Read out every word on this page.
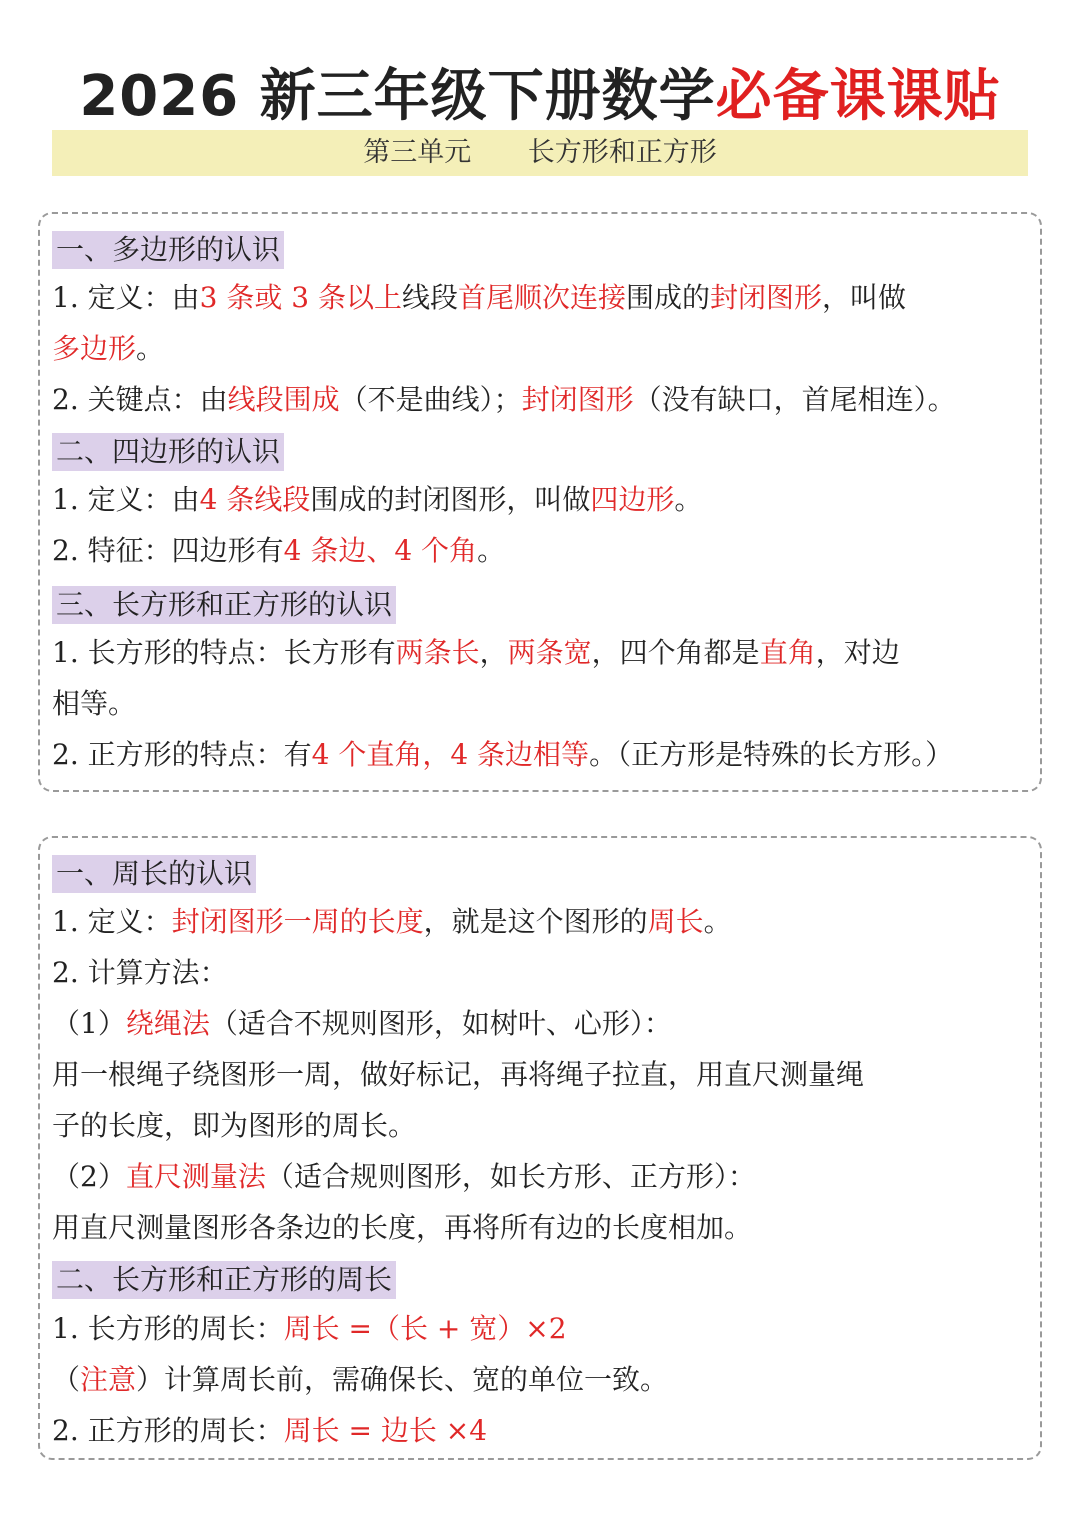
2026 新三年级下册数学必备课课贴
第三单元 长方形和正方形
一、多边形的认识
1. 定义：由3 条或 3 条以上线段首尾顺次连接围成的封闭图形，叫做
多边形。
2. 关键点：由线段围成（不是曲线）；封闭图形（没有缺口，首尾相连）。
二、四边形的认识
1. 定义：由4 条线段围成的封闭图形，叫做四边形。
2. 特征：四边形有4 条边、4 个角。
三、长方形和正方形的认识
1. 长方形的特点：长方形有两条长，两条宽，四个角都是直角，对边
相等。
2. 正方形的特点：有4 个直角，4 条边相等。（正方形是特殊的长方形。）
一、周长的认识
1. 定义：封闭图形一周的长度，就是这个图形的周长。
2. 计算方法：
（1）绕绳法（适合不规则图形，如树叶、心形）：
用一根绳子绕图形一周，做好标记，再将绳子拉直，用直尺测量绳
子的长度，即为图形的周长。
（2）直尺测量法（适合规则图形，如长方形、正方形）：
用直尺测量图形各条边的长度，再将所有边的长度相加。
二、长方形和正方形的周长
1. 长方形的周长：周长 =（长 + 宽）×2
（注意）计算周长前，需确保长、宽的单位一致。
2. 正方形的周长：周长 = 边长 ×4
